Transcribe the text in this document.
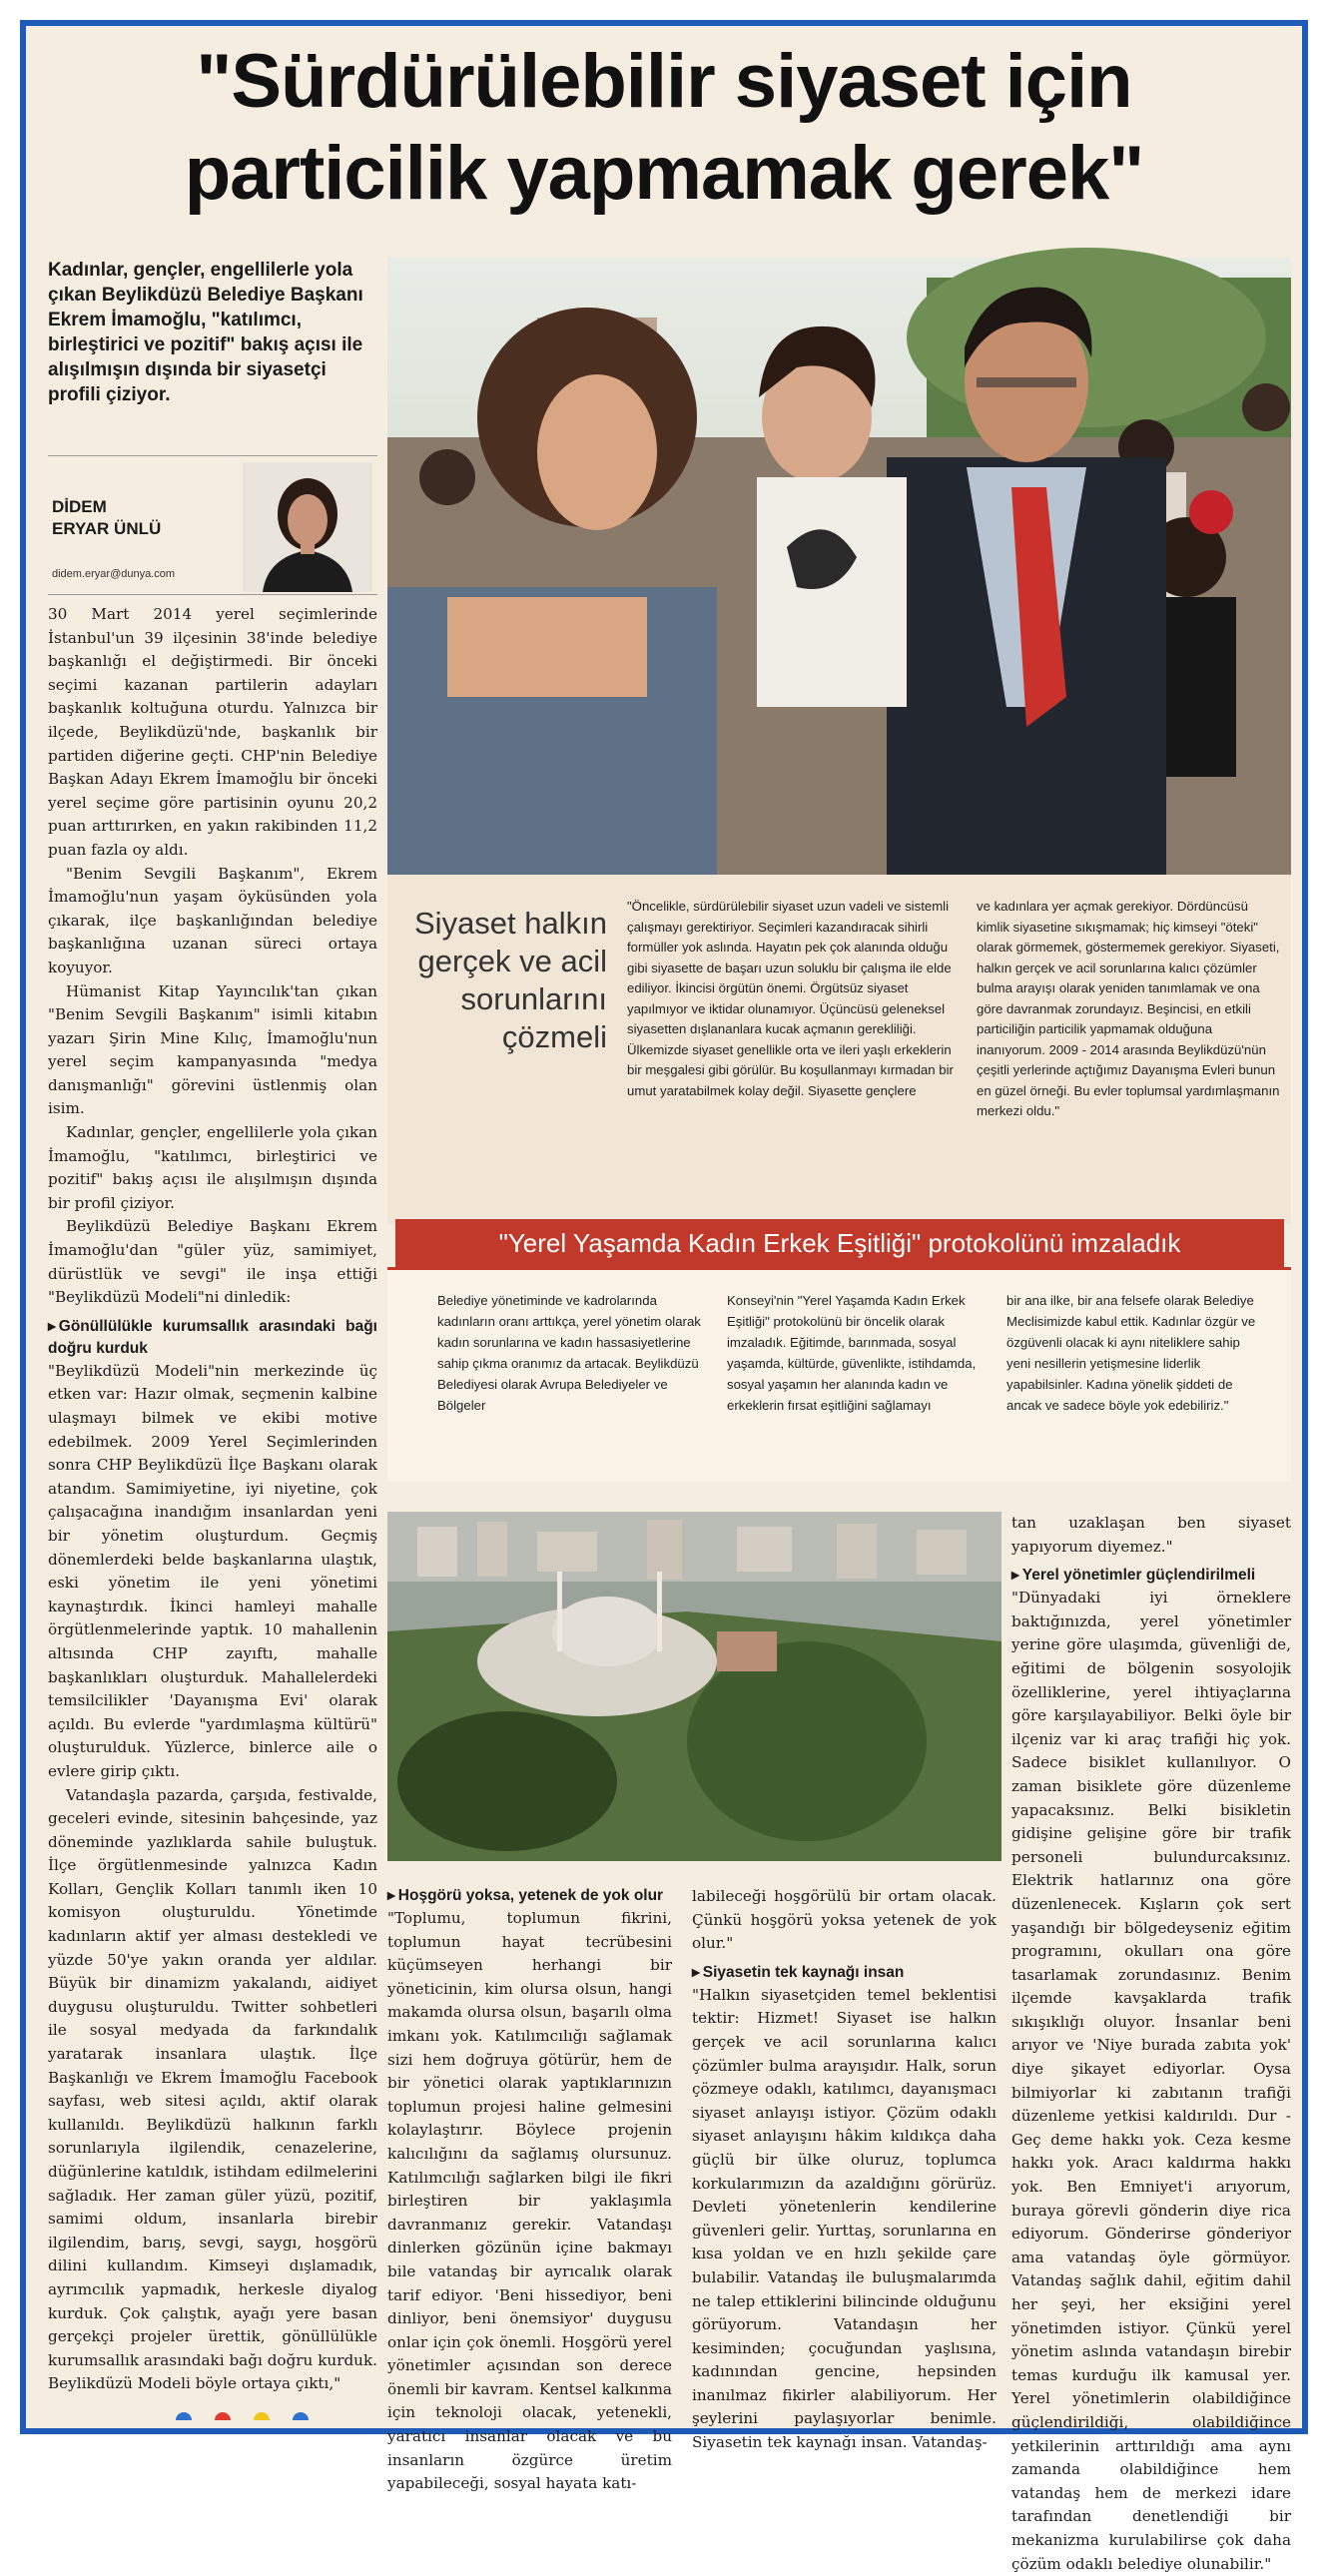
"Sürdürülebilir siyaset için
particilik yapmamak gerek"
Kadınlar, gençler, engellilerle yola çıkan Beylikdüzü Belediye Başkanı Ekrem İmamoğlu, "katılımcı, birleştirici ve pozitif" bakış açısı ile alışılmışın dışında bir siyasetçi profili çiziyor.
DİDEM
ERYAR ÜNLÜ
didem.eryar@dunya.com
Siyaset halkın gerçek ve acil sorunlarını çözmeli
"Öncelikle, sürdürülebilir siyaset uzun vadeli ve sistemli çalışmayı gerektiriyor. Seçimleri kazandıracak sihirli formüller yok aslında. Hayatın pek çok alanında olduğu gibi siyasette de başarı uzun soluklu bir çalışma ile elde ediliyor. İkincisi örgütün önemi. Örgütsüz siyaset yapılmıyor ve iktidar olunamıyor. Üçüncüsü geleneksel siyasetten dışlananlara kucak açmanın gerekliliği. Ülkemizde siyaset genellikle orta ve ileri yaşlı erkeklerin bir meşgalesi gibi görülür. Bu koşullanmayı kırmadan bir umut yaratabilmek kolay değil. Siyasette gençlere
ve kadınlara yer açmak gerekiyor. Dördüncüsü kimlik siyasetine sıkışmamak; hiç kimseyi "öteki" olarak görmemek, göstermemek gerekiyor. Siyaseti, halkın gerçek ve acil sorunlarına kalıcı çözümler bulma arayışı olarak yeniden tanımlamak ve ona göre davranmak zorundayız. Beşincisi, en etkili particiliğin particilik yapmamak olduğuna inanıyorum. 2009 - 2014 arasında Beylikdüzü'nün çeşitli yerlerinde açtığımız Dayanışma Evleri bunun en güzel örneği. Bu evler toplumsal yardımlaşmanın merkezi oldu."
"Yerel Yaşamda Kadın Erkek Eşitliği" protokolünü imzaladık
Belediye yönetiminde ve kadrolarında kadınların oranı arttıkça, yerel yönetim olarak kadın sorunlarına ve kadın hassasiyetlerine sahip çıkma oranımız da artacak. Beylikdüzü Belediyesi olarak Avrupa Belediyeler ve Bölgeler
Konseyi'nin "Yerel Yaşamda Kadın Erkek Eşitliği" protokolünü bir öncelik olarak imzaladık. Eğitimde, barınmada, sosyal yaşamda, kültürde, güvenlikte, istihdamda, sosyal yaşamın her alanında kadın ve erkeklerin fırsat eşitliğini sağlamayı
bir ana ilke, bir ana felsefe olarak Belediye Meclisimizde kabul ettik. Kadınlar özgür ve özgüvenli olacak ki aynı niteliklere sahip yeni nesillerin yetişmesine liderlik yapabilsinler. Kadına yönelik şiddeti de ancak ve sadece böyle yok edebiliriz."

30 Mart 2014 yerel seçimlerinde İstanbul'un 39 ilçesinin 38'inde belediye başkanlığı el değiştirmedi. Bir önceki seçimi kazanan partilerin adayları başkanlık koltuğuna oturdu. Yalnızca bir ilçede, Beylikdüzü'nde, başkanlık bir partiden diğerine geçti. CHP'nin Belediye Başkan Adayı Ekrem İmamoğlu bir önceki yerel seçime göre partisinin oyunu 20,2 puan arttırırken, en yakın rakibinden 11,2 puan fazla oy aldı.

"Benim Sevgili Başkanım", Ekrem İmamoğlu'nun yaşam öyküsünden yola çıkarak, ilçe başkanlığından belediye başkanlığına uzanan süreci ortaya koyuyor.

Hümanist Kitap Yayıncılık'tan çıkan "Benim Sevgili Başkanım" isimli kitabın yazarı Şirin Mine Kılıç, İmamoğlu'nun yerel seçim kampanyasında "medya danışmanlığı" görevini üstlenmiş olan isim.

Kadınlar, gençler, engellilerle yola çıkan İmamoğlu, "katılımcı, birleştirici ve pozitif" bakış açısı ile alışılmışın dışında bir profil çiziyor.

Beylikdüzü Belediye Başkanı Ekrem İmamoğlu'dan "güler yüz, samimiyet, dürüstlük ve sevgi" ile inşa ettiği "Beylikdüzü Modeli"ni dinledik:

▸ Gönüllülükle kurumsallık arasındaki bağı doğru kurduk

"Beylikdüzü Modeli"nin merkezinde üç etken var: Hazır olmak, seçmenin kalbine ulaşmayı bilmek ve ekibi motive edebilmek. 2009 Yerel Seçimlerinden sonra CHP Beylikdüzü İlçe Başkanı olarak atandım. Samimiyetine, iyi niyetine, çok çalışacağına inandığım insanlardan yeni bir yönetim oluşturdum. Geçmiş dönemlerdeki belde başkanlarına ulaştık, eski yönetim ile yeni yönetimi kaynaştırdık. İkinci hamleyi mahalle örgütlenmelerinde yaptık. 10 mahallenin altısında CHP zayıftı, mahalle başkanlıkları oluşturduk. Mahallelerdeki temsilcilikler 'Dayanışma Evi' olarak açıldı. Bu evlerde "yardımlaşma kültürü" oluşturulduk. Yüzlerce, binlerce aile o evlere girip çıktı.

Vatandaşla pazarda, çarşıda, festivalde, geceleri evinde, sitesinin bahçesinde, yaz döneminde yazlıklarda sahile buluştuk. İlçe örgütlenmesinde yalnızca Kadın Kolları, Gençlik Kolları tanımlı iken 10 komisyon oluşturuldu. Yönetimde kadınların aktif yer alması destekledi ve yüzde 50'ye yakın oranda yer aldılar. Büyük bir dinamizm yakalandı, aidiyet duygusu oluşturuldu. Twitter sohbetleri ile sosyal medyada da farkındalık yaratarak insanlara ulaştık. İlçe Başkanlığı ve Ekrem İmamoğlu Facebook sayfası, web sitesi açıldı, aktif olarak kullanıldı. Beylikdüzü halkının farklı sorunlarıyla ilgilendik, cenazelerine, düğünlerine katıldık, istihdam edilmelerini sağladık. Her zaman güler yüzü, pozitif, samimi oldum, insanlarla birebir ilgilendim, barış, sevgi, saygı, hoşgörü dilini kullandım. Kimseyi dışlamadık, ayrımcılık yapmadık, herkesle diyalog kurduk. Çok çalıştık, ayağı yere basan gerçekçi projeler ürettik, gönüllülükle kurumsallık arasındaki bağı doğru kurduk. Beylikdüzü Modeli böyle ortaya çıktı,"

▸ Hoşgörü yoksa, yetenek de yok olur

"Toplumu, toplumun fikrini, toplumun hayat tecrübesini küçümseyen herhangi bir yöneticinin, kim olursa olsun, hangi makamda olursa olsun, başarılı olma imkanı yok. Katılımcılığı sağlamak sizi hem doğruya götürür, hem de bir yönetici olarak yaptıklarınızın toplumun projesi haline gelmesini kolaylaştırır. Böylece projenin kalıcılığını da sağlamış olursunuz. Katılımcılığı sağlarken bilgi ile fikri birleştiren bir yaklaşımla davranmanız gerekir. Vatandaşı dinlerken gözünün içine bakmayı bile vatandaş bir ayrıcalık olarak tarif ediyor. 'Beni hissediyor, beni dinliyor, beni önemsiyor' duygusu onlar için çok önemli. Hoşgörü yerel yönetimler açısından son derece önemli bir kavram. Kentsel kalkınma için teknoloji olacak, yetenekli, yaratıcı insanlar olacak ve bu insanların özgürce üretim yapabileceği, sosyal hayata katı-

labileceği hoşgörülü bir ortam olacak. Çünkü hoşgörü yoksa yetenek de yok olur."

▸ Siyasetin tek kaynağı insan

"Halkın siyasetçiden temel beklentisi tektir: Hizmet! Siyaset ise halkın gerçek ve acil sorunlarına kalıcı çözümler bulma arayışıdır. Halk, sorun çözmeye odaklı, katılımcı, dayanışmacı siyaset anlayışı istiyor. Çözüm odaklı siyaset anlayışını hâkim kıldıkça daha güçlü bir ülke oluruz, toplumca korkularımızın da azaldığını görürüz. Devleti yönetenlerin kendilerine güvenleri gelir. Yurttaş, sorunlarına en kısa yoldan ve en hızlı şekilde çare bulabilir. Vatandaş ile buluşmalarımda ne talep ettiklerini bilincinde olduğunu görüyorum. Vatandaşın her kesiminden; çocuğundan yaşlısına, kadınından gencine, hepsinden inanılmaz fikirler alabiliyorum. Her şeylerini paylaşıyorlar benimle. Siyasetin tek kaynağı insan. Vatandaş-

tan uzaklaşan ben siyaset yapıyorum diyemez."

▸ Yerel yönetimler güçlendirilmeli

"Dünyadaki iyi örneklere baktığınızda, yerel yönetimler yerine göre ulaşımda, güvenliği de, eğitimi de bölgenin sosyolojik özelliklerine, yerel ihtiyaçlarına göre karşılayabiliyor. Belki öyle bir ilçeniz var ki araç trafiği hiç yok. Sadece bisiklet kullanılıyor. O zaman bisiklete göre düzenleme yapacaksınız. Belki bisikletin gidişine gelişine göre bir trafik personeli bulundurcaksınız. Elektrik hatlarınız ona göre düzenlenecek. Kışların çok sert yaşandığı bir bölgedeyseniz eğitim programını, okulları ona göre tasarlamak zorundasınız. Benim ilçemde kavşaklarda trafik sıkışıklığı oluyor. İnsanlar beni arıyor ve 'Niye burada zabıta yok' diye şikayet ediyorlar. Oysa bilmiyorlar ki zabıtanın trafiği düzenleme yetkisi kaldırıldı. Dur - Geç deme hakkı yok. Ceza kesme hakkı yok. Aracı kaldırma hakkı yok. Ben Emniyet'i arıyorum, buraya görevli gönderin diye rica ediyorum. Gönderirse gönderiyor ama vatandaş öyle görmüyor. Vatandaş sağlık dahil, eğitim dahil her şeyi, her eksiğini yerel yönetimden istiyor. Çünkü yerel yönetim aslında vatandaşın birebir temas kurduğu ilk kamusal yer. Yerel yönetimlerin olabildiğince güçlendirildiği, olabildiğince yetkilerinin arttırıldığı ama aynı zamanda olabildiğince hem vatandaş hem de merkezi idare tarafından denetlendiği bir mekanizma kurulabilirse çok daha çözüm odaklı belediye olunabilir."
